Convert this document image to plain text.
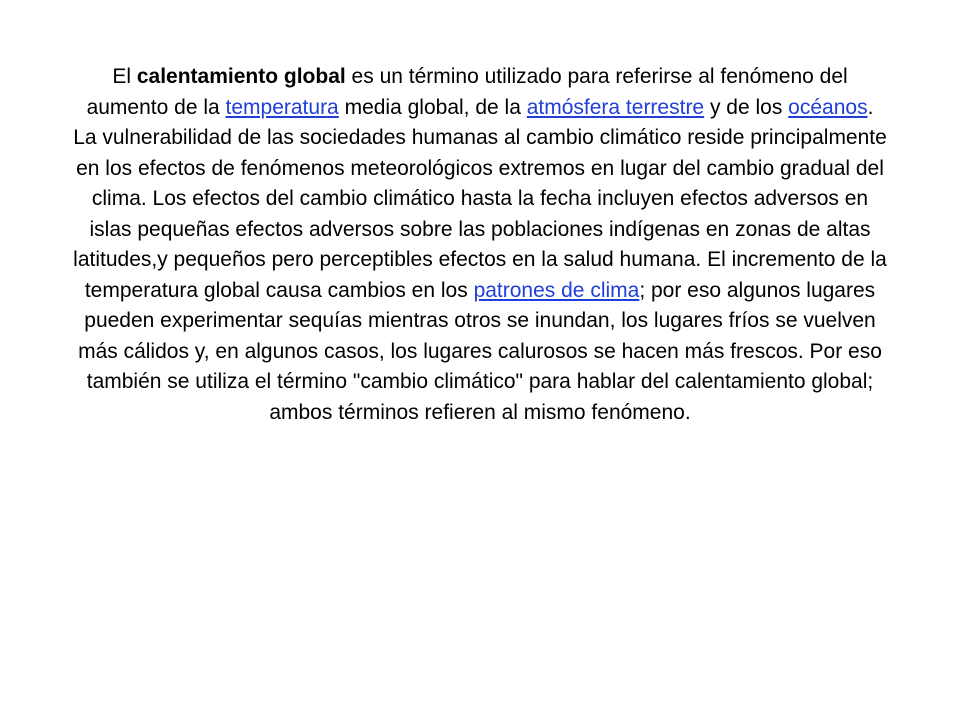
El calentamiento global es un término utilizado para referirse al fenómeno del aumento de la temperatura media global, de la atmósfera terrestre y de los océanos.

La vulnerabilidad de las sociedades humanas al cambio climático reside principalmente en los efectos de fenómenos meteorológicos extremos en lugar del cambio gradual del clima. Los efectos del cambio climático hasta la fecha incluyen efectos adversos en islas pequeñas efectos adversos sobre las poblaciones indígenas en zonas de altas latitudes,y pequeños pero perceptibles efectos en la salud humana. El incremento de la temperatura global causa cambios en los patrones de clima; por eso algunos lugares pueden experimentar sequías mientras otros se inundan, los lugares fríos se vuelven más cálidos y, en algunos casos, los lugares calurosos se hacen más frescos. Por eso también se utiliza el término "cambio climático" para hablar del calentamiento global; ambos términos refieren al mismo fenómeno.
